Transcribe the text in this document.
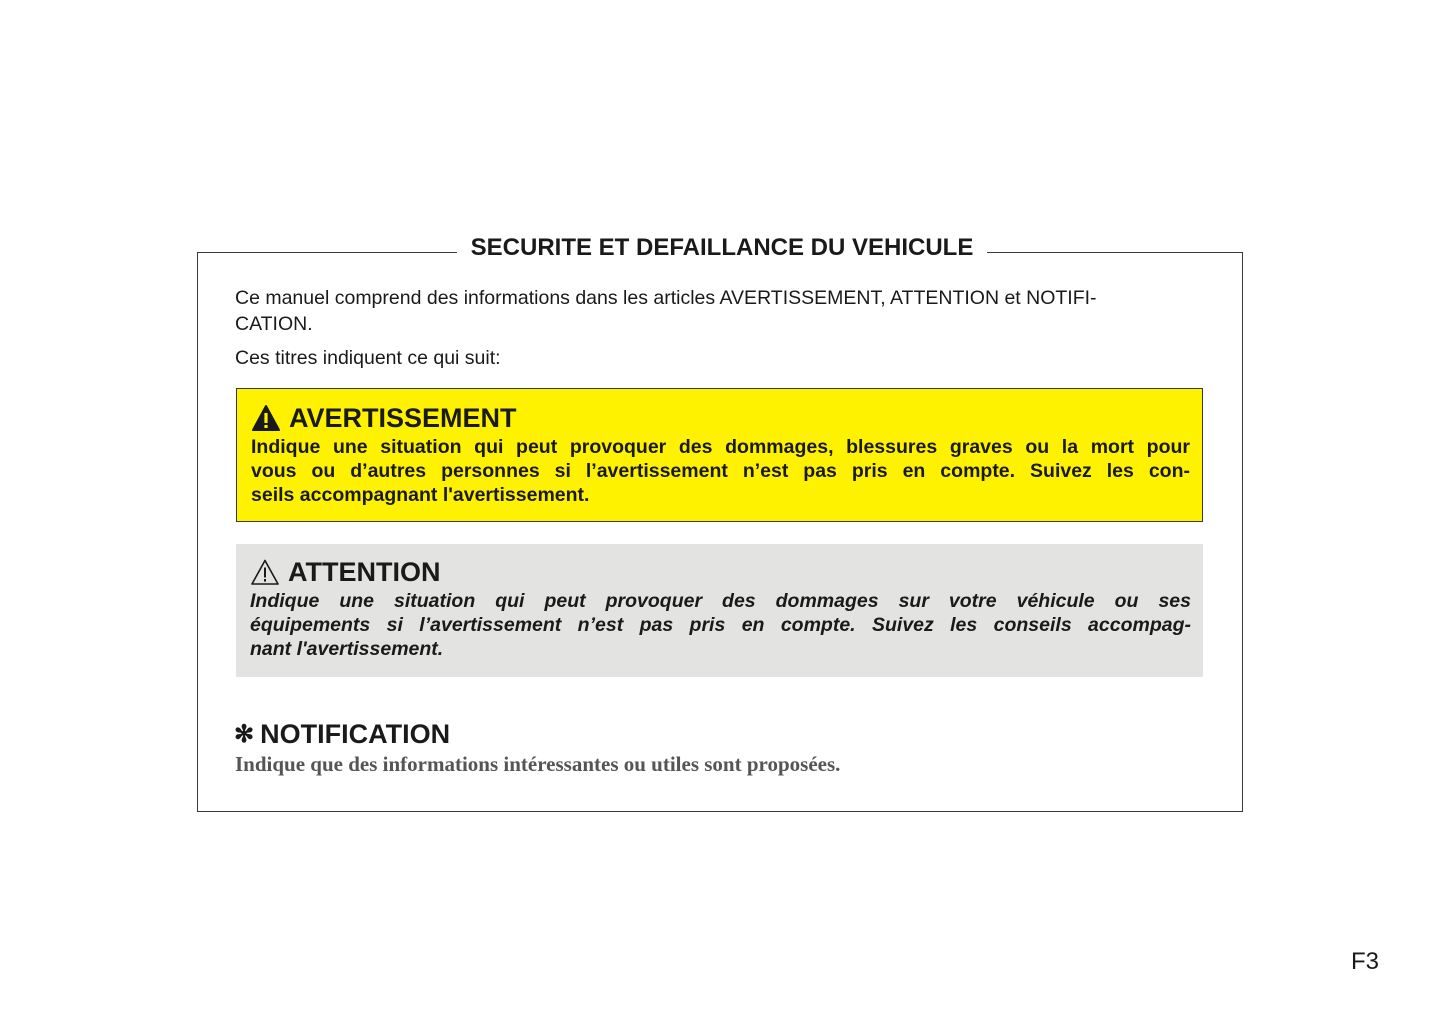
SECURITE ET DEFAILLANCE DU VEHICULE

Ce manuel comprend des informations dans les articles AVERTISSEMENT, ATTENTION et NOTIFI-
CATION.

Ces titres indiquent ce qui suit:

AVERTISSEMENT
Indique une situation qui peut provoquer des dommages, blessures graves ou la mort pour
vous ou d’autres personnes si l’avertissement n’est pas pris en compte. Suivez les con-
seils accompagnant l'avertissement.
ATTENTION
Indique une situation qui peut provoquer des dommages sur votre véhicule ou ses
équipements si l’avertissement n’est pas pris en compte. Suivez les conseils accompag-
nant l'avertissement.
✻ NOTIFICATION
Indique que des informations intéressantes ou utiles sont proposées.
F3
